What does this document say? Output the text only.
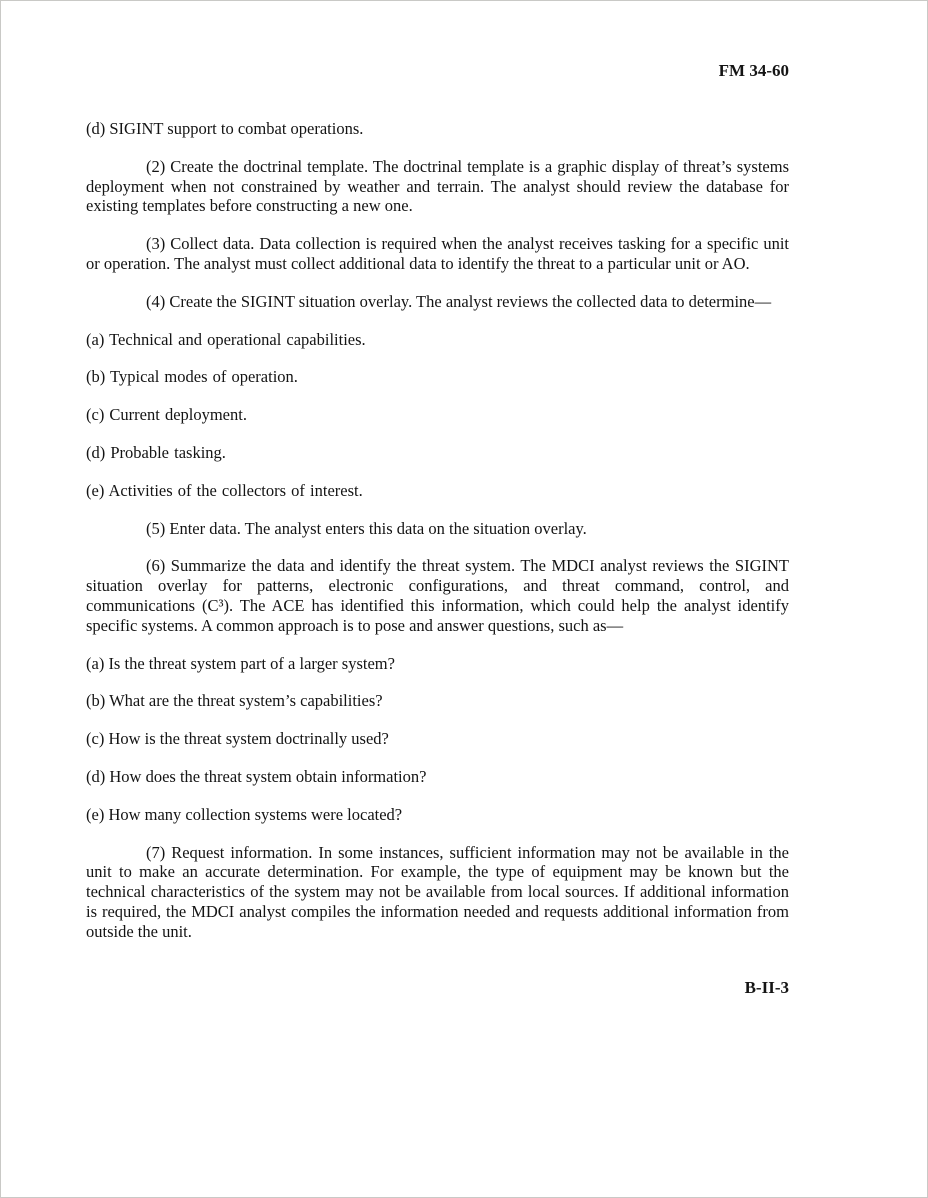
FM 34-60

(d) SIGINT support to combat operations.

(2) Create the doctrinal template. The doctrinal template is a graphic display of threat’s systems deployment when not constrained by weather and terrain. The analyst should review the database for existing templates before constructing a new one.

(3) Collect data. Data collection is required when the analyst receives tasking for a specific unit or operation. The analyst must collect additional data to identify the threat to a particular unit or AO.

(4) Create the SIGINT situation overlay. The analyst reviews the collected data to determine—

(a) Technical and operational capabilities.

(b) Typical modes of operation.

(c) Current deployment.

(d) Probable tasking.

(e) Activities of the collectors of interest.

(5) Enter data. The analyst enters this data on the situation overlay.

(6) Summarize the data and identify the threat system. The MDCI analyst reviews the SIGINT situation overlay for patterns, electronic configurations, and threat command, control, and communications (C³). The ACE has identified this information, which could help the analyst identify specific systems. A common approach is to pose and answer questions, such as—

(a) Is the threat system part of a larger system?

(b) What are the threat system’s capabilities?

(c) How is the threat system doctrinally used?

(d) How does the threat system obtain information?

(e) How many collection systems were located?

(7) Request information. In some instances, sufficient information may not be available in the unit to make an accurate determination. For example, the type of equipment may be known but the technical characteristics of the system may not be available from local sources. If additional information is required, the MDCI analyst compiles the information needed and requests additional information from outside the unit.

B-II-3
